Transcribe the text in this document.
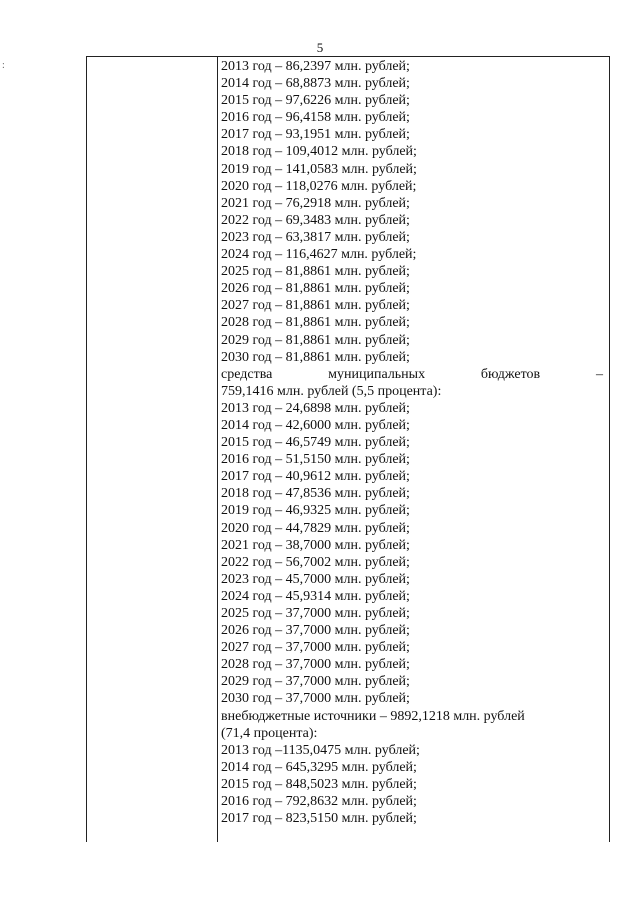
5
:	2013 год – 86,2397 млн. рублей;
2014 год – 68,8873 млн. рублей;
2015 год – 97,6226 млн. рублей;
2016 год – 96,4158 млн. рублей;
2017 год – 93,1951 млн. рублей;
2018 год – 109,4012 млн. рублей;
2019 год – 141,0583 млн. рублей;
2020 год – 118,0276 млн. рублей;
2021 год – 76,2918 млн. рублей;
2022 год – 69,3483 млн. рублей;
2023 год – 63,3817 млн. рублей;
2024 год – 116,4627 млн. рублей;
2025 год – 81,8861 млн. рублей;
2026 год – 81,8861 млн. рублей;
2027 год – 81,8861 млн. рублей;
2028 год – 81,8861 млн. рублей;
2029 год – 81,8861 млн. рублей;
2030 год – 81,8861 млн. рублей;
средства	муниципальных	бюджетов	–
759,1416 млн. рублей (5,5 процента):
2013 год – 24,6898 млн. рублей;
2014 год – 42,6000 млн. рублей;
2015 год – 46,5749 млн. рублей;
2016 год – 51,5150 млн. рублей;
2017 год – 40,9612 млн. рублей;
2018 год – 47,8536 млн. рублей;
2019 год – 46,9325 млн. рублей;
2020 год – 44,7829 млн. рублей;
2021 год – 38,7000 млн. рублей;
2022 год – 56,7002 млн. рублей;
2023 год – 45,7000 млн. рублей;
2024 год – 45,9314 млн. рублей;
2025 год – 37,7000 млн. рублей;
2026 год – 37,7000 млн. рублей;
2027 год – 37,7000 млн. рублей;
2028 год – 37,7000 млн. рублей;
2029 год – 37,7000 млн. рублей;
2030 год – 37,7000 млн. рублей;
внебюджетные источники – 9892,1218 млн. рублей
(71,4 процента):
2013 год –1135,0475 млн. рублей;
2014 год – 645,3295 млн. рублей;
2015 год – 848,5023 млн. рублей;
2016 год – 792,8632 млн. рублей;
2017 год – 823,5150 млн. рублей;
